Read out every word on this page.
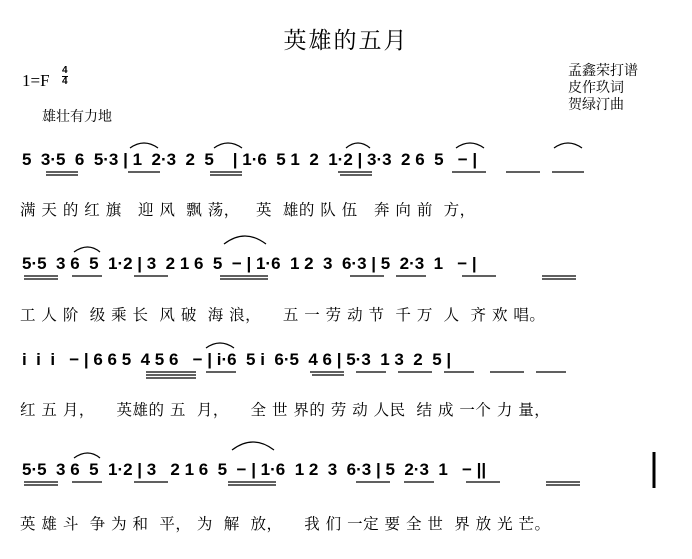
英雄的五月
$1=F \frac{4}{4}$
雄壮有力地
孟鑫荣打谱
皮作玖词
贺绿汀曲
5  3·5  6  5·3 | 1  2·3  2  5    | 1·6  5 1  2  1·2 | 3·3  2 6  5   − |
满 天 的 红 旗   迎 风  飘 荡，   英  雄的 队 伍   奔 向 前  方，
5·5  3 6  5  1·2 | 3  2 1 6  5  − | 1·6  1 2  3  6·3 | 5  2·3  1   − |
工 人 阶  级 乘 长  风 破  海 浪，    五 一 劳 动 节  千 万  人  齐 欢 唱。
i  i  i   − | 6 6 5  4 5 6   − | i·6  5 i  6·5  4 6 | 5·3  1 3  2  5 |
红 五 月，    英雄的 五  月，    全 世 界的 劳 动 人民  结 成 一个 力 量，
5·5  3 6  5  1·2 | 3   2 1 6  5  − | 1·6  1 2  3  6·3 | 5  2·3  1   − ||
英 雄 斗  争 为 和  平， 为  解  放，    我 们 一定 要 全 世  界 放 光 芒。
